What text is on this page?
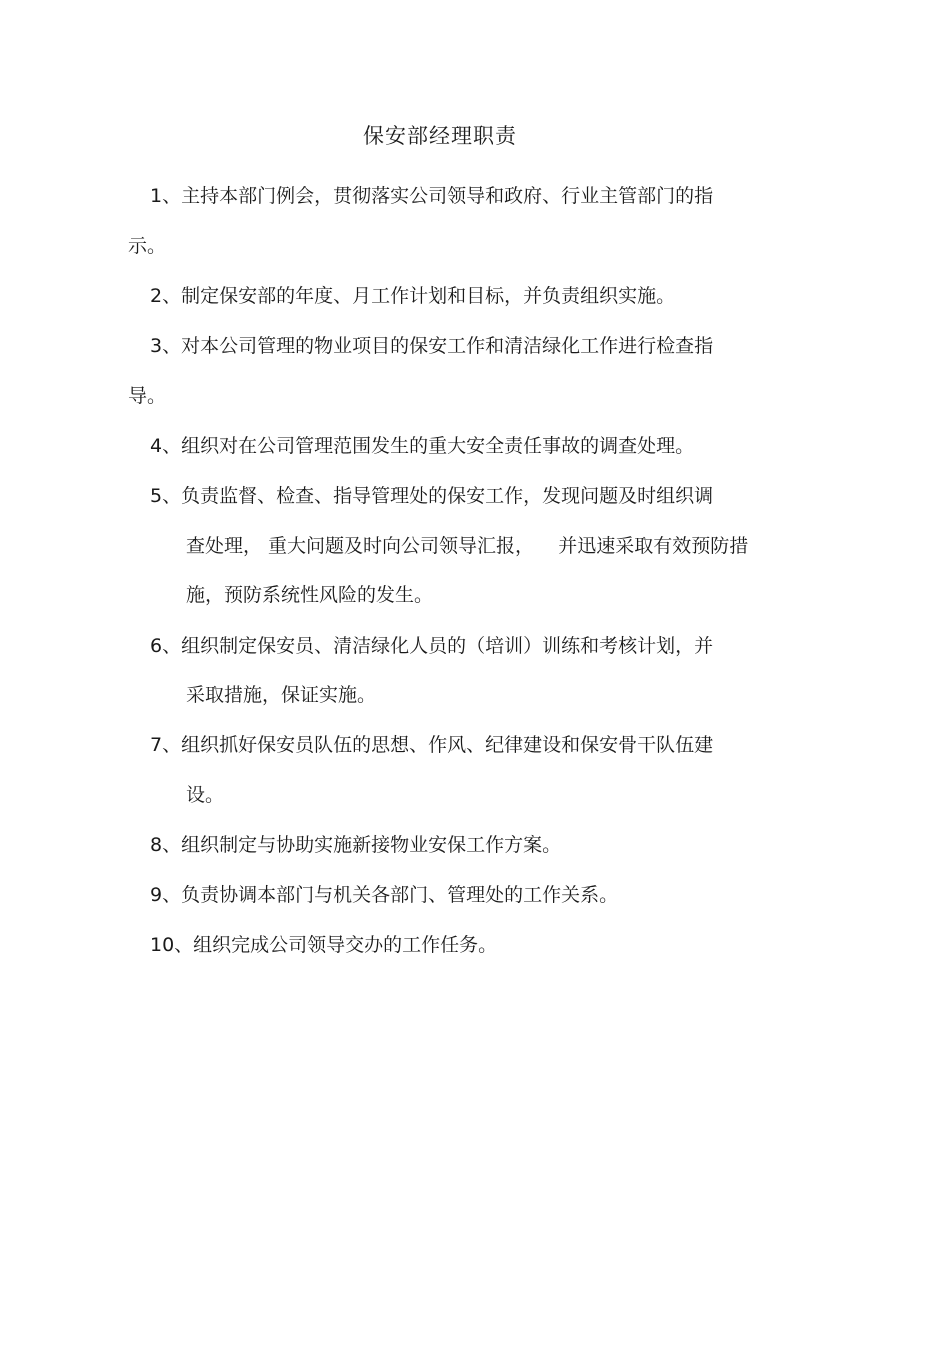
保安部经理职责
1、主持本部门例会，贯彻落实公司领导和政府、行业主管部门的指
示。
2、制定保安部的年度、月工作计划和目标，并负责组织实施。
3、对本公司管理的物业项目的保安工作和清洁绿化工作进行检查指
导。
4、组织对在公司管理范围发生的重大安全责任事故的调查处理。
5、负责监督、检查、指导管理处的保安工作，发现问题及时组织调
查处理， 重大问题及时向公司领导汇报，    并迅速采取有效预防措
施，预防系统性风险的发生。
6、组织制定保安员、清洁绿化人员的（培训）训练和考核计划，并
采取措施，保证实施。
7、组织抓好保安员队伍的思想、作风、纪律建设和保安骨干队伍建
设。
8、组织制定与协助实施新接物业安保工作方案。
9、负责协调本部门与机关各部门、管理处的工作关系。
10、组织完成公司领导交办的工作任务。
